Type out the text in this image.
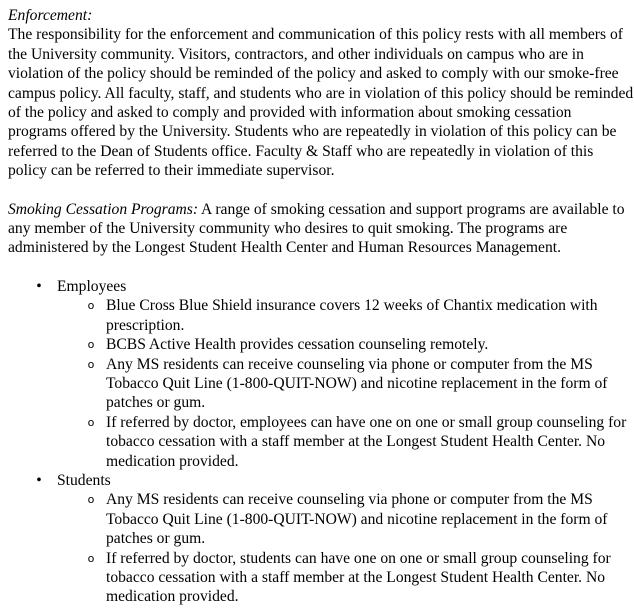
Enforcement:

The responsibility for the enforcement and communication of this policy rests with all members of the University community. Visitors, contractors, and other individuals on campus who are in violation of the policy should be reminded of the policy and asked to comply with our smoke-free campus policy. All faculty, staff, and students who are in violation of this policy should be reminded of the policy and asked to comply and provided with information about smoking cessation programs offered by the University. Students who are repeatedly in violation of this policy can be referred to the Dean of Students office. Faculty & Staff who are repeatedly in violation of this policy can be referred to their immediate supervisor.

Smoking Cessation Programs: A range of smoking cessation and support programs are available to any member of the University community who desires to quit smoking. The programs are administered by the Longest Student Health Center and Human Resources Management.

• Employees
o Blue Cross Blue Shield insurance covers 12 weeks of Chantix medication with prescription.
o BCBS Active Health provides cessation counseling remotely.
o Any MS residents can receive counseling via phone or computer from the MS Tobacco Quit Line (1-800-QUIT-NOW) and nicotine replacement in the form of patches or gum.
o If referred by doctor, employees can have one on one or small group counseling for tobacco cessation with a staff member at the Longest Student Health Center. No medication provided.
• Students
o Any MS residents can receive counseling via phone or computer from the MS Tobacco Quit Line (1-800-QUIT-NOW) and nicotine replacement in the form of patches or gum.
o If referred by doctor, students can have one on one or small group counseling for tobacco cessation with a staff member at the Longest Student Health Center. No medication provided.
